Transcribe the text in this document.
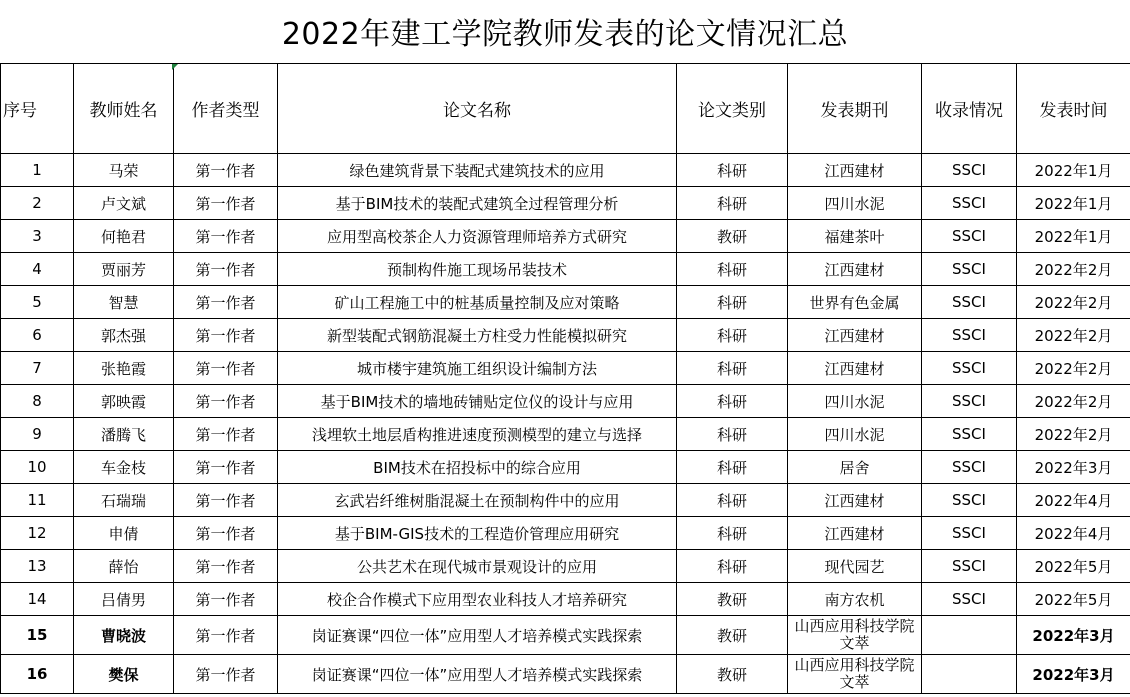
2022年建工学院教师发表的论文情况汇总
序号	教师姓名	作者类型	论文名称	论文类别	发表期刊	收录情况	发表时间
1	马荣	第一作者	绿色建筑背景下装配式建筑技术的应用	科研	江西建材	SSCI	2022年1月
2	卢文斌	第一作者	基于BIM技术的装配式建筑全过程管理分析	科研	四川水泥	SSCI	2022年1月
3	何艳君	第一作者	应用型高校茶企人力资源管理师培养方式研究	教研	福建茶叶	SSCI	2022年1月
4	贾丽芳	第一作者	预制构件施工现场吊装技术	科研	江西建材	SSCI	2022年2月
5	智慧	第一作者	矿山工程施工中的桩基质量控制及应对策略	科研	世界有色金属	SSCI	2022年2月
6	郭杰强	第一作者	新型装配式钢筋混凝土方柱受力性能模拟研究	科研	江西建材	SSCI	2022年2月
7	张艳霞	第一作者	城市楼宇建筑施工组织设计编制方法	科研	江西建材	SSCI	2022年2月
8	郭映霞	第一作者	基于BIM技术的墙地砖铺贴定位仪的设计与应用	科研	四川水泥	SSCI	2022年2月
9	潘腾飞	第一作者	浅埋软土地层盾构推进速度预测模型的建立与选择	科研	四川水泥	SSCI	2022年2月
10	车金枝	第一作者	BIM技术在招投标中的综合应用	科研	居舍	SSCI	2022年3月
11	石瑞瑞	第一作者	玄武岩纤维树脂混凝土在预制构件中的应用	科研	江西建材	SSCI	2022年4月
12	申倩	第一作者	基于BIM-GIS技术的工程造价管理应用研究	科研	江西建材	SSCI	2022年4月
13	薛怡	第一作者	公共艺术在现代城市景观设计的应用	科研	现代园艺	SSCI	2022年5月
14	吕倩男	第一作者	校企合作模式下应用型农业科技人才培养研究	教研	南方农机	SSCI	2022年5月
15	曹晓波	第一作者	岗证赛课“四位一体”应用型人才培养模式实践探索	教研	山西应用科技学院文萃		2022年3月
16	樊保	第一作者	岗证赛课“四位一体”应用型人才培养模式实践探索	教研	山西应用科技学院文萃		2022年3月
